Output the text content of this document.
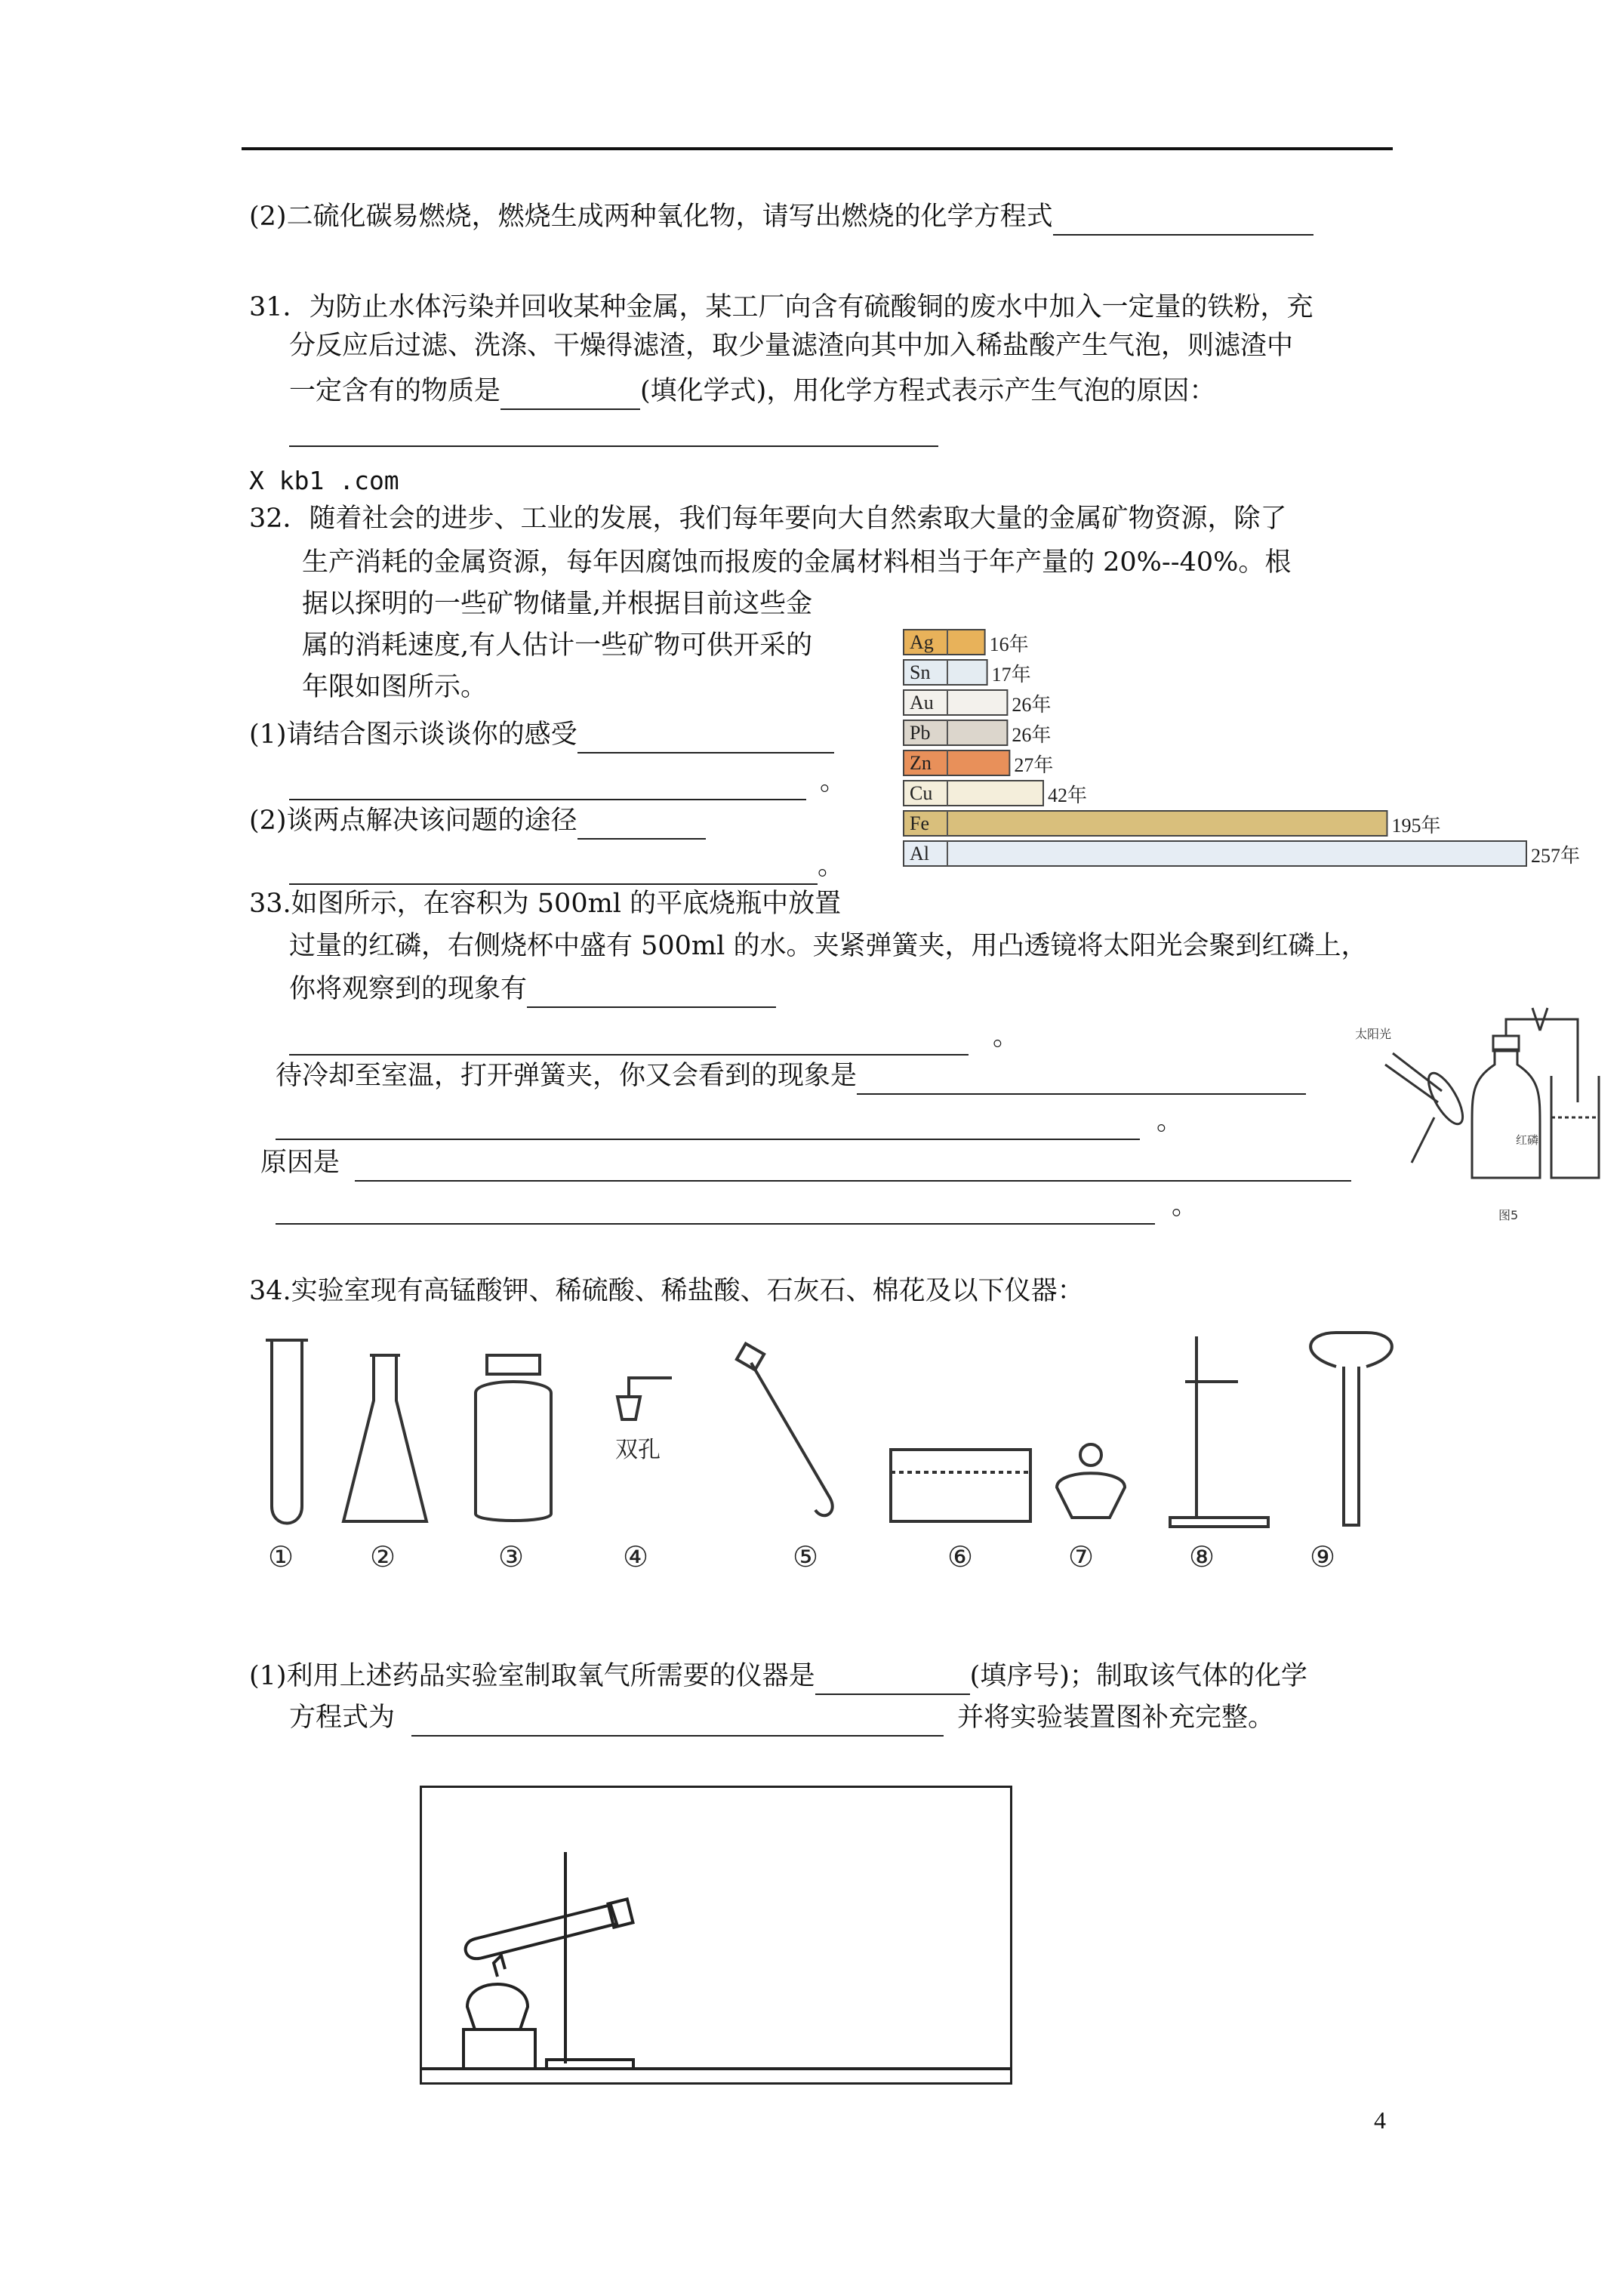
(2)二硫化碳易燃烧，燃烧生成两种氧化物，请写出燃烧的化学方程式
31．为防止水体污染并回收某种金属，某工厂向含有硫酸铜的废水中加入一定量的铁粉，充
分反应后过滤、洗涤、干燥得滤渣，取少量滤渣向其中加入稀盐酸产生气泡，则滤渣中
一定含有的物质是	(填化学式)，用化学方程式表示产生气泡的原因：
X kb1 .com
32．随着社会的进步、工业的发展，我们每年要向大自然索取大量的金属矿物资源，除了
生产消耗的金属资源，每年因腐蚀而报废的金属材料相当于年产量的 20%--40%。根
据以探明的一些矿物储量,并根据目前这些金
属的消耗速度,有人估计一些矿物可供开采的
年限如图所示。
(1)请结合图示谈谈你的感受
。
(2)谈两点解决该问题的途径
。
Ag	16年
Sn	17年
Au	26年
Pb	26年
Zn	27年
Cu	42年
Fe	195年
Al	257年
33.如图所示，在容积为 500ml 的平底烧瓶中放置
过量的红磷，右侧烧杯中盛有 500ml 的水。夹紧弹簧夹，用凸透镜将太阳光会聚到红磷上，
你将观察到的现象有
。
待冷却至室温，打开弹簧夹，你又会看到的现象是
。
原因是
。
太阳光
红磷
图5
34.实验室现有高锰酸钾、稀硫酸、稀盐酸、石灰石、棉花及以下仪器：
双孔
①	②	③	④	⑤	⑥	⑦	⑧	⑨
(1)利用上述药品实验室制取氧气所需要的仪器是	(填序号)；制取该气体的化学
方程式为	并将实验装置图补充完整。
4
